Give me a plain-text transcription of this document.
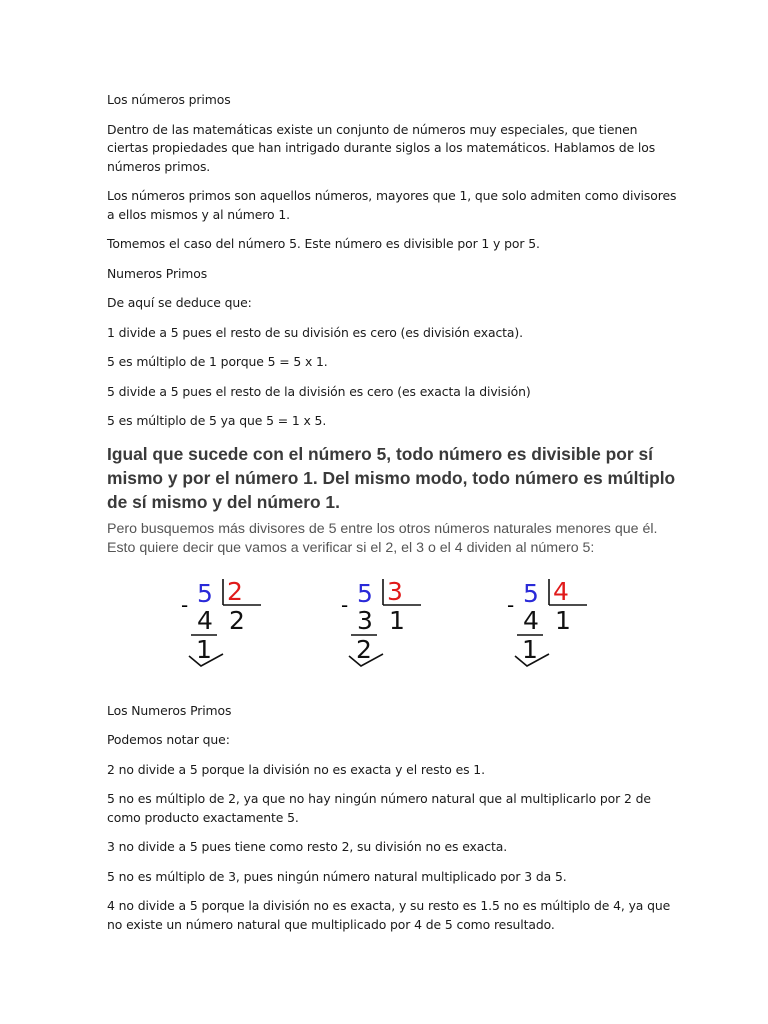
Los números primos

Dentro de las matemáticas existe un conjunto de números muy especiales, que tienen ciertas propiedades que han intrigado durante siglos a los matemáticos. Hablamos de los números primos.

Los números primos son aquellos números, mayores que 1, que solo admiten como divisores a ellos mismos y al número 1.

Tomemos el caso del número 5. Este número es divisible por 1 y por 5.

Numeros Primos

De aquí se deduce que:

1 divide a 5 pues el resto de su división es cero (es división exacta).

5 es múltiplo de 1 porque 5 = 5 x 1.

5 divide a 5 pues el resto de la división es cero (es exacta la división)

5 es múltiplo de 5 ya que 5 = 1 x 5.

Igual que sucede con el número 5, todo número es divisible por sí mismo y por el número 1. Del mismo modo, todo número es múltiplo de sí mismo y del número 1.

Pero busquemos más divisores de 5 entre los otros números naturales menores que él. Esto quiere decir que vamos a verificar si el 2, el 3 o el 4 dividen al número 5:

- 5 2
4 2
1
- 5 3
3 1
2
- 5 4
4 1
1

Los Numeros Primos

Podemos notar que:

2 no divide a 5 porque la división no es exacta y el resto es 1.

5 no es múltiplo de 2, ya que no hay ningún número natural que al multiplicarlo por 2 de como producto exactamente 5.

3 no divide a 5 pues tiene como resto 2, su división no es exacta.

5 no es múltiplo de 3, pues ningún número natural multiplicado por 3 da 5.

4 no divide a 5 porque la división no es exacta, y su resto es 1.5 no es múltiplo de 4, ya que no existe un número natural que multiplicado por 4 de 5 como resultado.
